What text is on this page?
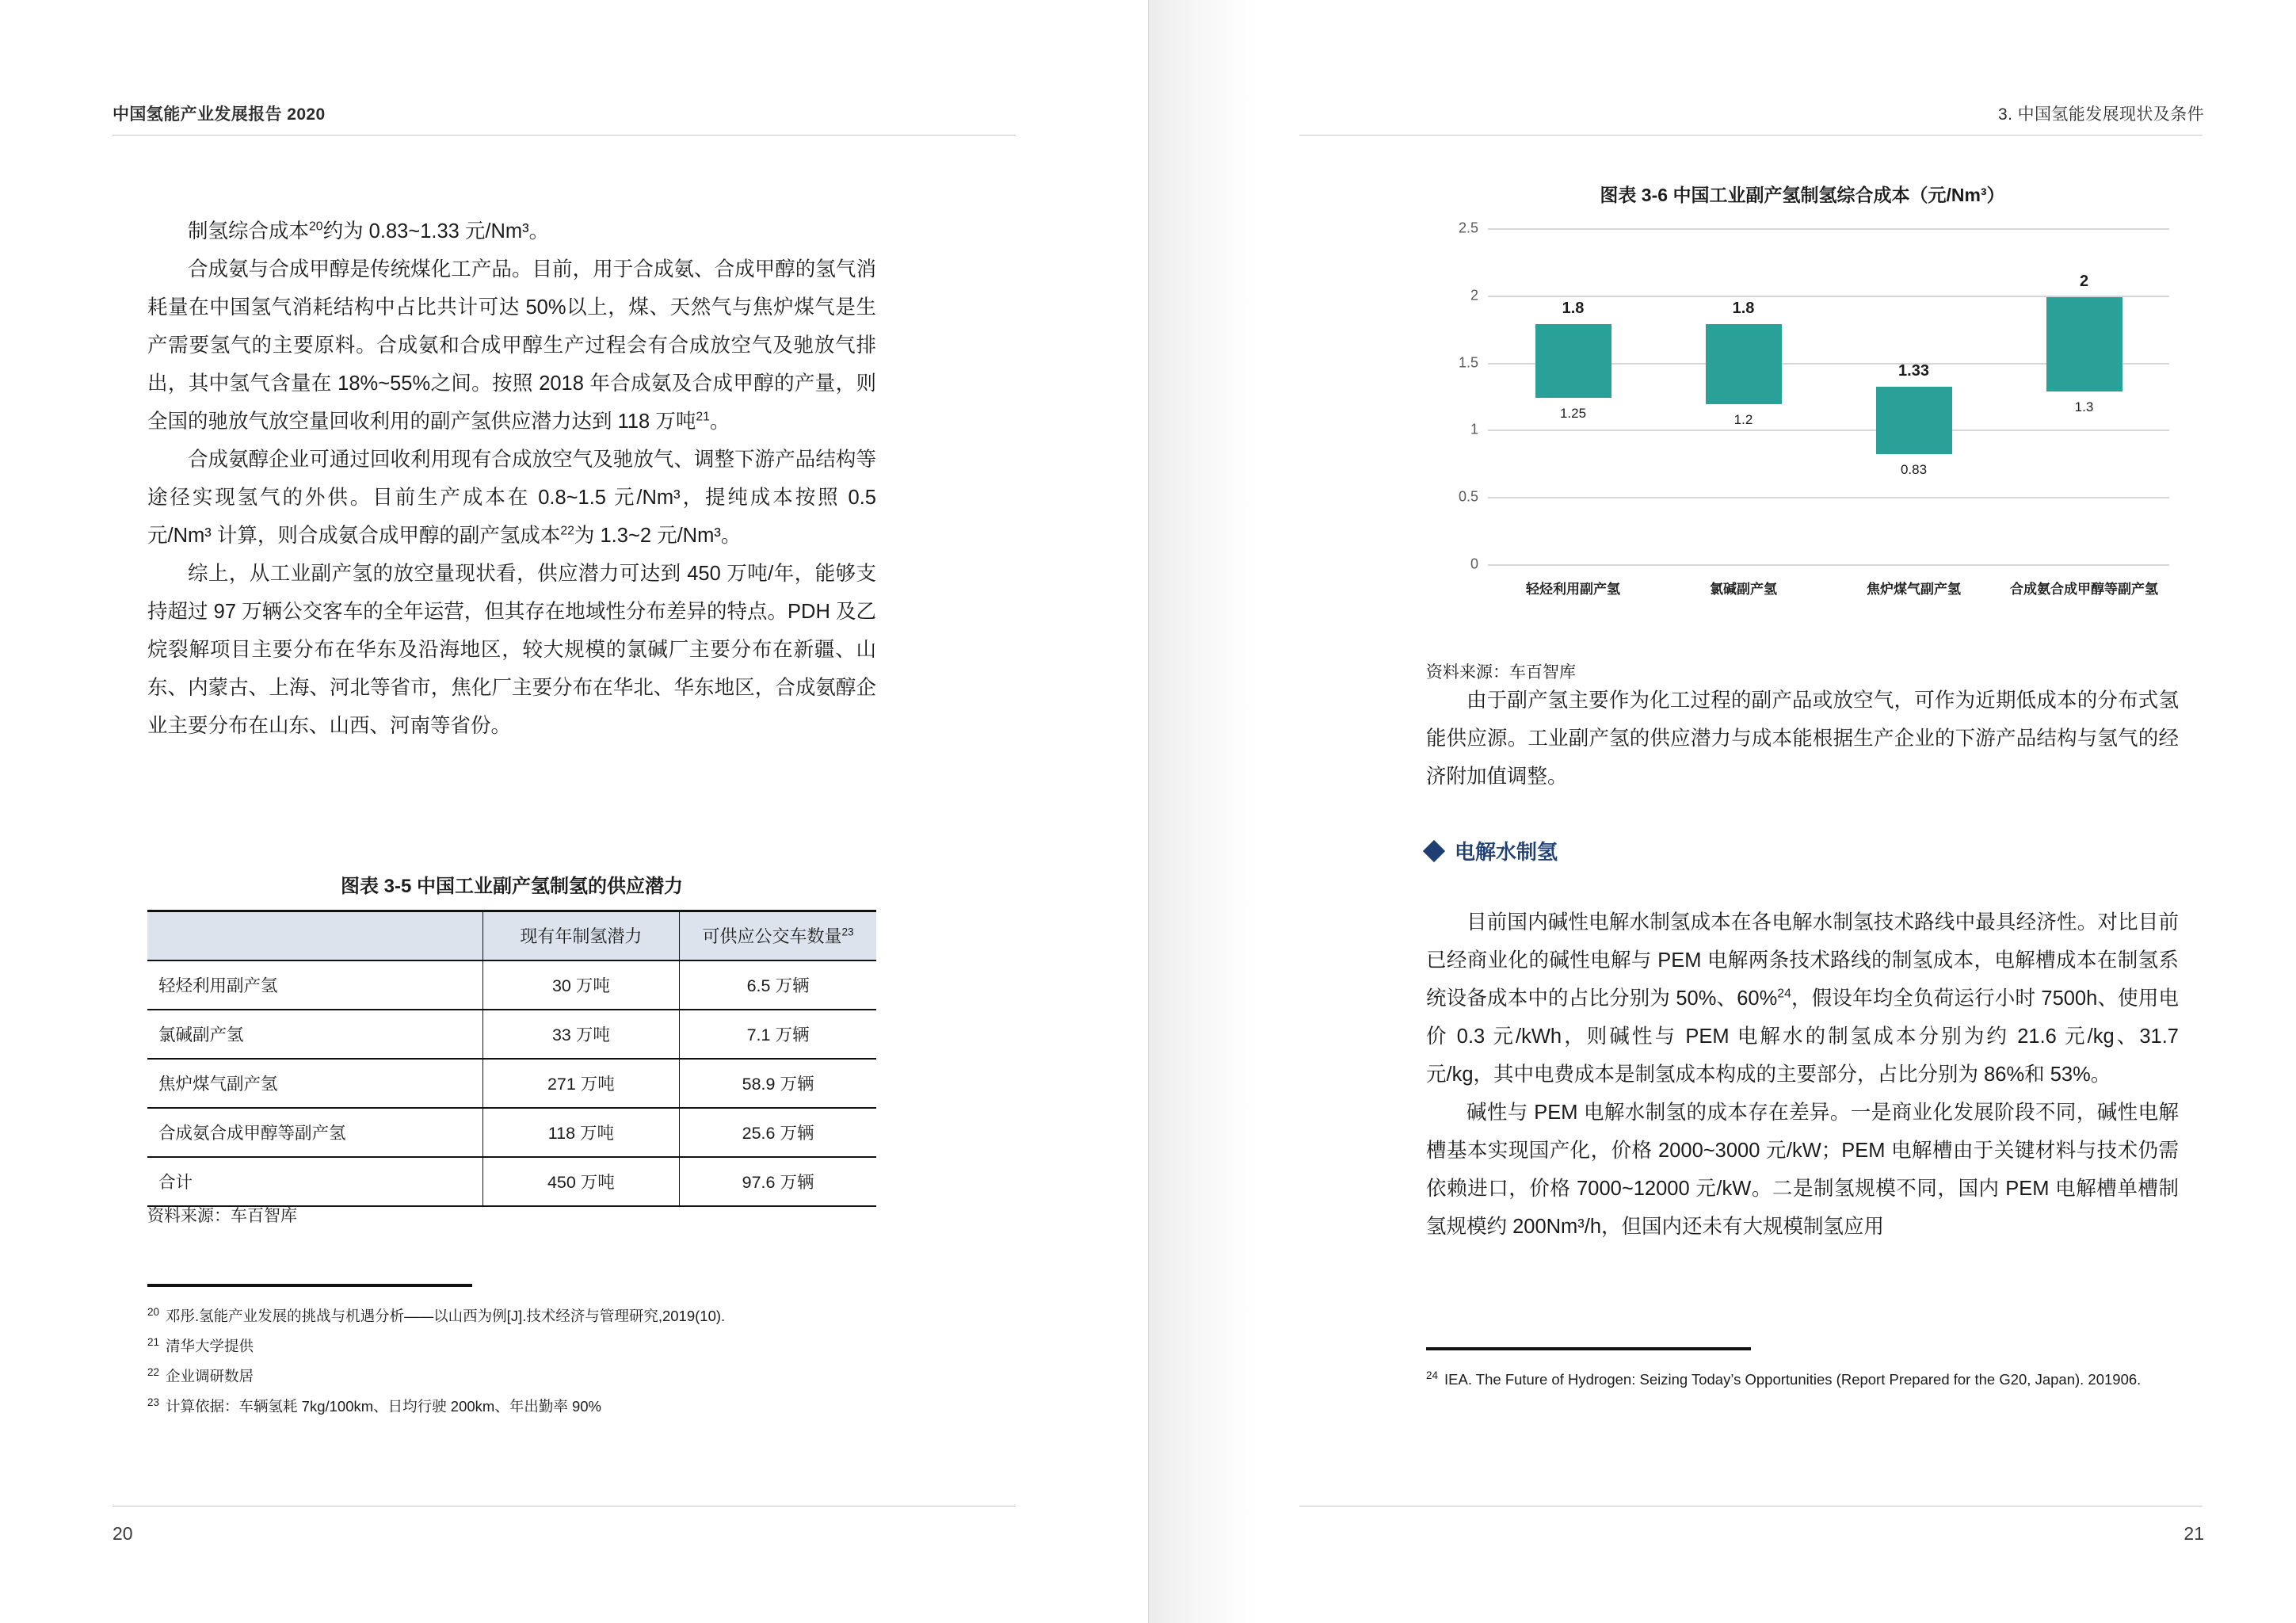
中国氢能产业发展报告 2020

制氢综合成本$^{20}$约为 0.83~1.33 元/Nm³。

合成氨与合成甲醇是传统煤化工产品。目前，用于合成氨、合成甲醇的氢气消耗量在中国氢气消耗结构中占比共计可达 50%以上，煤、天然气与焦炉煤气是生产需要氢气的主要原料。合成氨和合成甲醇生产过程会有合成放空气及驰放气排出，其中氢气含量在 18%~55%之间。按照 2018 年合成氨及合成甲醇的产量，则全国的驰放气放空量回收利用的副产氢供应潜力达到 118 万吨$^{21}$。

合成氨醇企业可通过回收利用现有合成放空气及驰放气、调整下游产品结构等途径实现氢气的外供。目前生产成本在 0.8~1.5 元/Nm³，提纯成本按照 0.5 元/Nm³ 计算，则合成氨合成甲醇的副产氢成本$^{22}$为 1.3~2 元/Nm³。

综上，从工业副产氢的放空量现状看，供应潜力可达到 450 万吨/年，能够支持超过 97 万辆公交客车的全年运营，但其存在地域性分布差异的特点。PDH 及乙烷裂解项目主要分布在华东及沿海地区，较大规模的氯碱厂主要分布在新疆、山东、内蒙古、上海、河北等省市，焦化厂主要分布在华北、华东地区，合成氨醇企业主要分布在山东、山西、河南等省份。

图表 3-5 中国工业副产氢制氢的供应潜力
	现有年制氢潜力	可供应公交车数量$^{23}$
轻烃利用副产氢	30 万吨	6.5 万辆
氯碱副产氢	33 万吨	7.1 万辆
焦炉煤气副产氢	271 万吨	58.9 万辆
合成氨合成甲醇等副产氢	118 万吨	25.6 万辆
合计	450 万吨	97.6 万辆
资料来源：车百智库

$^{20}$ 邓彤.氢能产业发展的挑战与机遇分析——以山西为例[J].技术经济与管理研究,2019(10).

$^{21}$ 清华大学提供

$^{22}$ 企业调研数居

$^{23}$ 计算依据：车辆氢耗 7kg/100km、日均行驶 200km、年出勤率 90%

20
3. 中国氢能发展现状及条件
图表 3-6 中国工业副产氢制氢综合成本（元/Nm³）
2.5
2
1.5
1
0.5
0
1.8
1.25
1.8
1.2
1.33
0.83
2
1.3
轻烃利用副产氢	氯碱副产氢	焦炉煤气副产氢	合成氨合成甲醇等副产氢
资料来源：车百智库
电解水制氢

由于副产氢主要作为化工过程的副产品或放空气，可作为近期低成本的分布式氢能供应源。工业副产氢的供应潜力与成本能根据生产企业的下游产品结构与氢气的经济附加值调整。

目前国内碱性电解水制氢成本在各电解水制氢技术路线中最具经济性。对比目前已经商业化的碱性电解与 PEM 电解两条技术路线的制氢成本，电解槽成本在制氢系统设备成本中的占比分别为 50%、60%$^{24}$，假设年均全负荷运行小时 7500h、使用电价 0.3 元/kWh，则碱性与 PEM 电解水的制氢成本分别为约 21.6 元/kg、31.7 元/kg，其中电费成本是制氢成本构成的主要部分，占比分别为 86%和 53%。

碱性与 PEM 电解水制氢的成本存在差异。一是商业化发展阶段不同，碱性电解槽基本实现国产化，价格 2000~3000 元/kW；PEM 电解槽由于关键材料与技术仍需依赖进口，价格 7000~12000 元/kW。二是制氢规模不同，国内 PEM 电解槽单槽制氢规模约 200Nm³/h，但国内还未有大规模制氢应用

$^{24}$ IEA. The Future of Hydrogen: Seizing Today’s Opportunities (Report Prepared for the G20, Japan). 201906.

21
